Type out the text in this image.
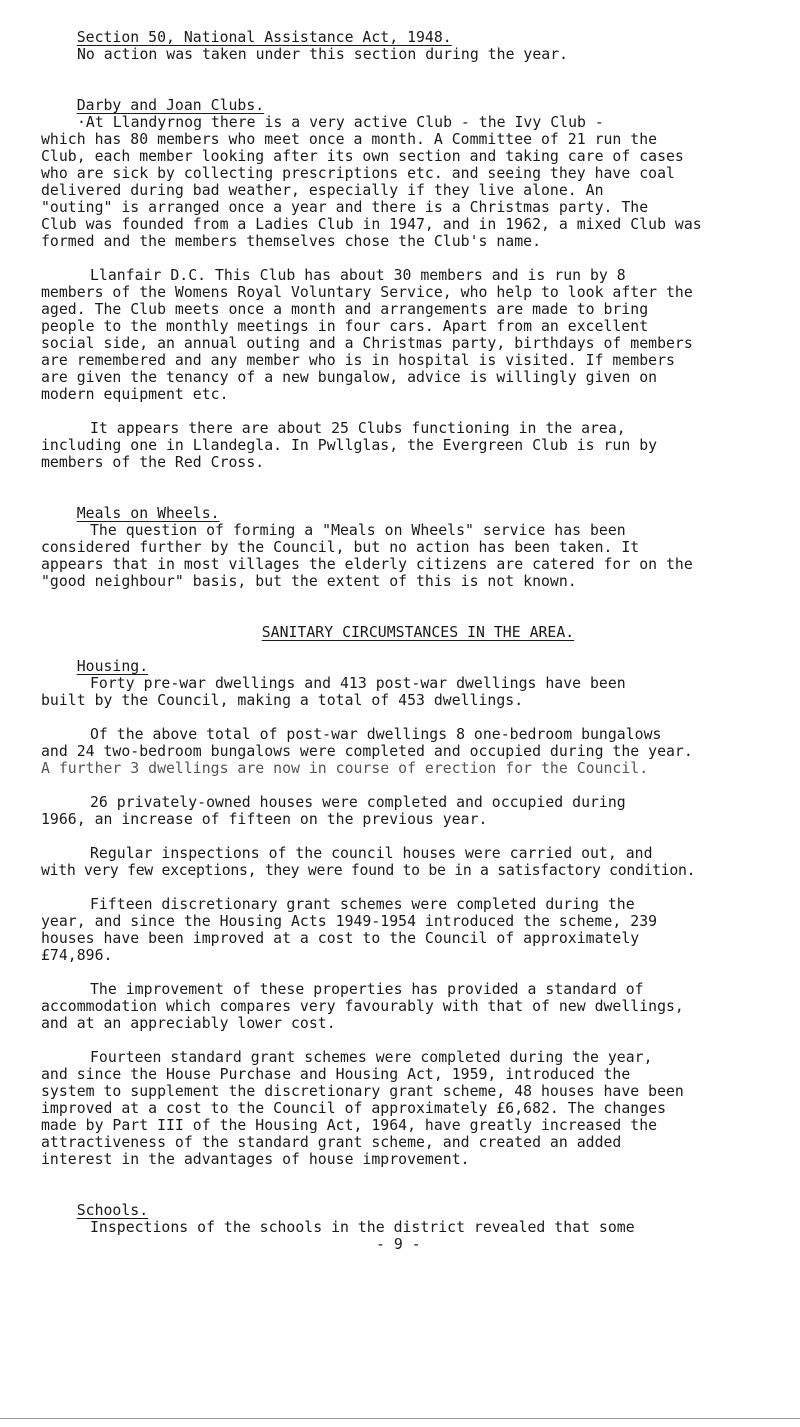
Section 50, National Assistance Act, 1948.

No action was taken under this section during the year.

Darby and Joan Clubs.

·At Llandyrnog there is a very active Club - the Ivy Club -
which has 80 members who meet once a month. A Committee of 21 run the
Club, each member looking after its own section and taking care of cases
who are sick by collecting prescriptions etc. and seeing they have coal
delivered during bad weather, especially if they live alone. An
"outing" is arranged once a year and there is a Christmas party. The
Club was founded from a Ladies Club in 1947, and in 1962, a mixed Club was
formed and the members themselves chose the Club's name.
Llanfair D.C. This Club has about 30 members and is run by 8
members of the Womens Royal Voluntary Service, who help to look after the
aged. The Club meets once a month and arrangements are made to bring
people to the monthly meetings in four cars. Apart from an excellent
social side, an annual outing and a Christmas party, birthdays of members
are remembered and any member who is in hospital is visited. If members
are given the tenancy of a new bungalow, advice is willingly given on
modern equipment etc.
It appears there are about 25 Clubs functioning in the area,
including one in Llandegla. In Pwllglas, the Evergreen Club is run by
members of the Red Cross.

Meals on Wheels.

The question of forming a "Meals on Wheels" service has been
considered further by the Council, but no action has been taken. It
appears that in most villages the elderly citizens are catered for on the
"good neighbour" basis, but the extent of this is not known.

SANITARY CIRCUMSTANCES IN THE AREA.

Housing.

Forty pre-war dwellings and 413 post-war dwellings have been
built by the Council, making a total of 453 dwellings.
Of the above total of post-war dwellings 8 one-bedroom bungalows
and 24 two-bedroom bungalows were completed and occupied during the year.
A further 3 dwellings are now in course of erection for the Council.
26 privately-owned houses were completed and occupied during
1966, an increase of fifteen on the previous year.
Regular inspections of the council houses were carried out, and
with very few exceptions, they were found to be in a satisfactory condition.
Fifteen discretionary grant schemes were completed during the
year, and since the Housing Acts 1949-1954 introduced the scheme, 239
houses have been improved at a cost to the Council of approximately
£74,896.
The improvement of these properties has provided a standard of
accommodation which compares very favourably with that of new dwellings,
and at an appreciably lower cost.
Fourteen standard grant schemes were completed during the year,
and since the House Purchase and Housing Act, 1959, introduced the
system to supplement the discretionary grant scheme, 48 houses have been
improved at a cost to the Council of approximately £6,682. The changes
made by Part III of the Housing Act, 1964, have greatly increased the
attractiveness of the standard grant scheme, and created an added
interest in the advantages of house improvement.

Schools.

Inspections of the schools in the district revealed that some
- 9 -
